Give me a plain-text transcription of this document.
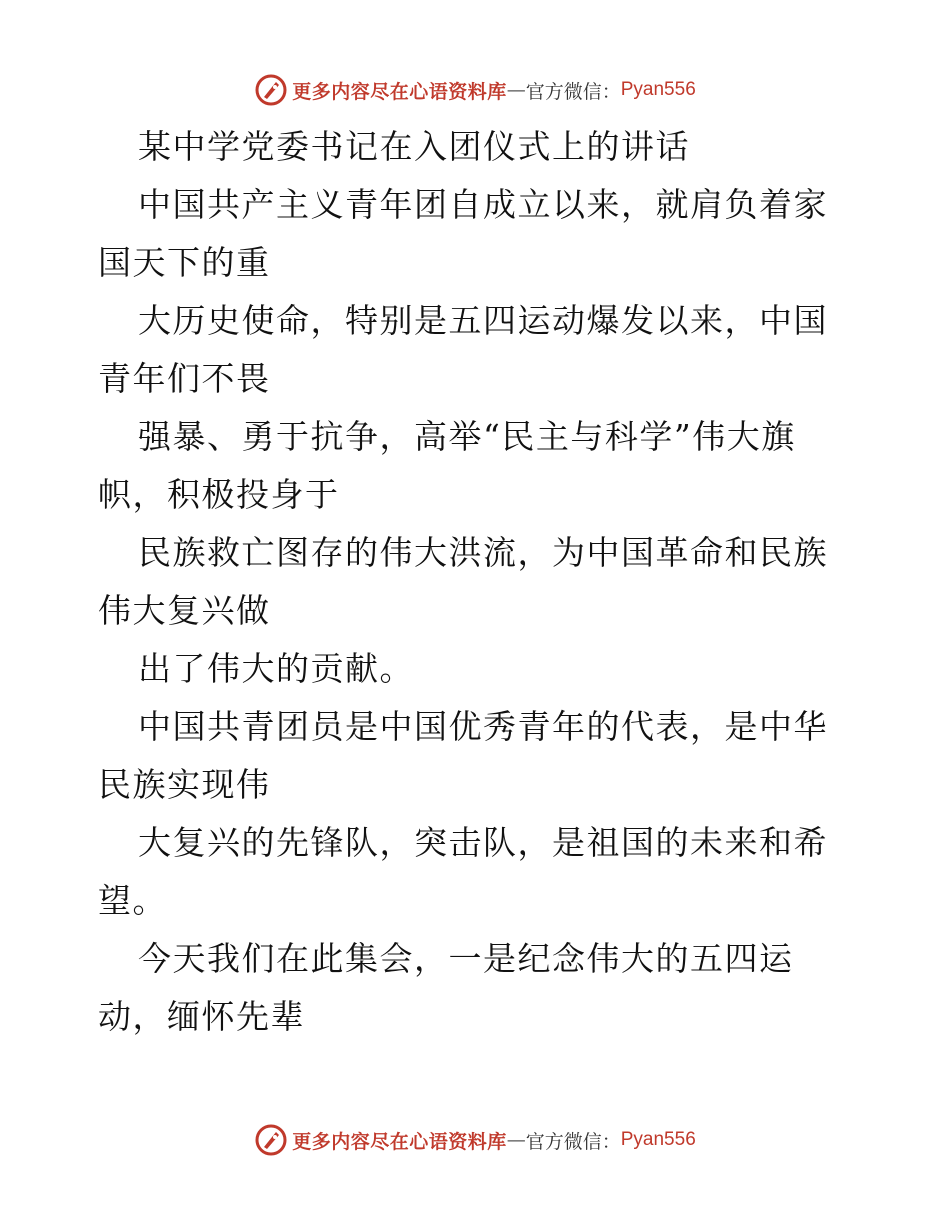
更多内容尽在心语资料库 — 官方微信： Pyan556

某中学党委书记在入团仪式上的讲话

中国共产主义青年团自成立以来，就肩负着家国天下的重

大历史使命，特别是五四运动爆发以来，中国青年们不畏

强暴、勇于抗争，高举“民主与科学”伟大旗帜，积极投身于

民族救亡图存的伟大洪流，为中国革命和民族伟大复兴做

出了伟大的贡献。

中国共青团员是中国优秀青年的代表，是中华民族实现伟

大复兴的先锋队，突击队，是祖国的未来和希望。

今天我们在此集会，一是纪念伟大的五四运动，缅怀先辈

更多内容尽在心语资料库 — 官方微信： Pyan556
